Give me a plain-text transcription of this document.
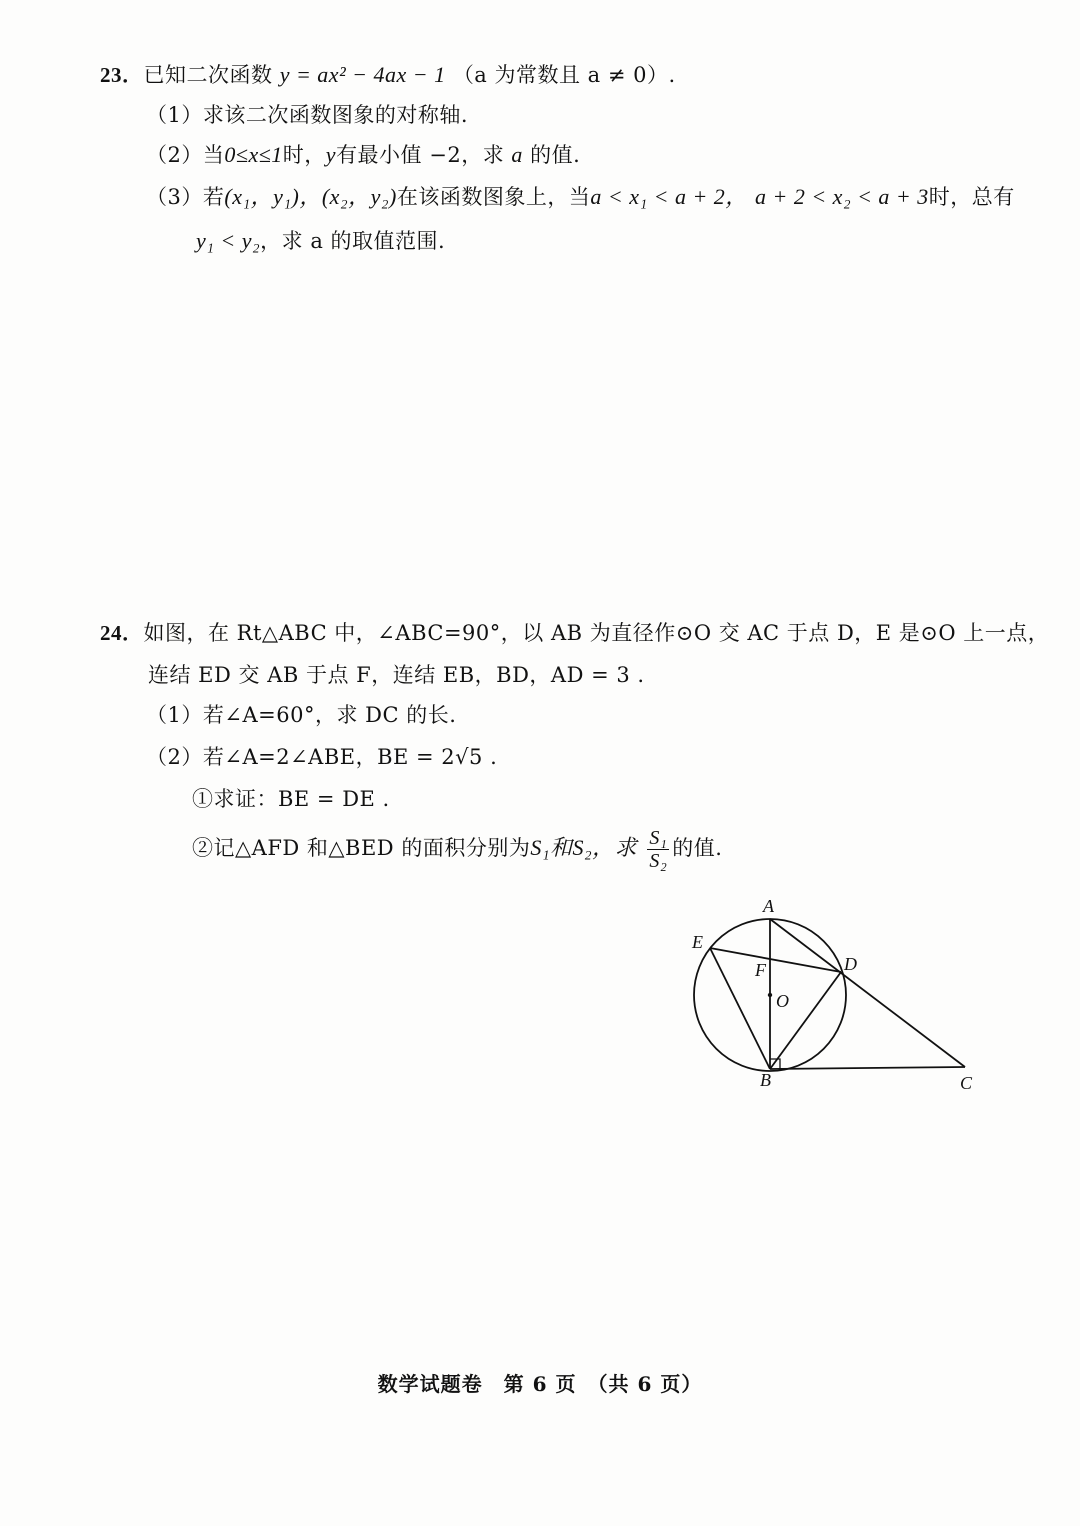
23．已知二次函数 y = ax² − 4ax − 1 （a 为常数且 a ≠ 0）.
（1）求该二次函数图象的对称轴.
（2）当0≤x≤1时，y有最小值 −2，求 a 的值.
（3）若(x₁，y₁)，(x₂，y₂)在该函数图象上，当a < x₁ < a + 2， a + 2 < x₂ < a + 3时，总有
y₁ < y₂，求 a 的取值范围.
24．如图，在 Rt△ABC 中，∠ABC=90°，以 AB 为直径作⊙O 交 AC 于点 D，E 是⊙O 上一点，
连结 ED 交 AB 于点 F，连结 EB，BD，AD = 3 .
（1）若∠A=60°，求 DC 的长.
（2）若∠A=2∠ABE，BE = 2√5 .
①求证：BE = DE .
②记△AFD 和△BED 的面积分别为S₁和S₂，求 $\frac{\text{S₁}}{\text{S₂}}$ 的值.
A
E
F	D
O
B	C
数学试题卷　第 6 页　（共 6 页）
